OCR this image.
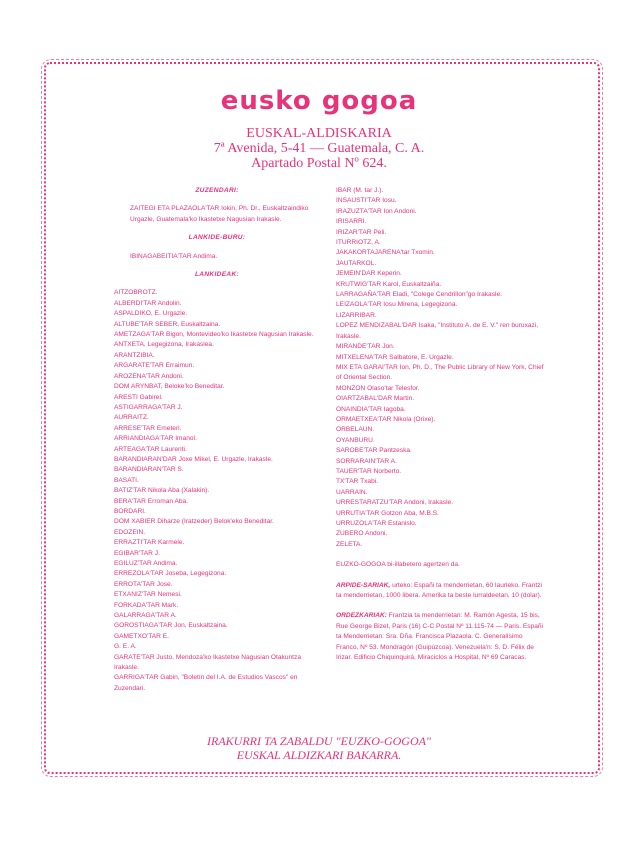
eusko gogoa
EUSKAL-ALDISKARIA
7ª Avenida, 5-41 — Guatemala, C. A.
Apartado Postal Nº 624.
ZUZENDARI:
ZAITEGI ETA PLAZAOLA'TAR Iokin, Ph. Dr., Euskaltzaindiko Urgazle, Guatemala'ko Ikastetxe Nagusian Irakasle.
LANKIDE-BURU:
IBINAGABEITIA'TAR Andima.
LANKIDEAK:
AITZOBROTZ.
ALBERDI'TAR Andolin.
ASPALDIKO, E. Urgazle.
ALTUBE'TAR SEBER, Euskaltzaina.
AMETZAGA'TAR Bigon, Montevideo'ko Ikastetxe Nagusian Irakasle.
ANTXETA, Legegizona, Irakaslea.
ARANTZIBIA.
ARGARATE'TAR Erraimun.
AROZENA'TAR Andoni.
DOM ARYNBAT, Belokeʼko Beneditar.
ARESTI Gabirel.
ASTIGARRAGA'TAR J.
AURRAITZ.
ARRESE'TAR Emeteri.
ARRIANDIAGA'TAR Imanol.
ARTEAGA'TAR Laurenti.
BARANDIARAN'DAR Joxe Mikel, E. Urgazle, Irakasle.
BARANDIARAN'TAR S.
BASATI.
BATIZ'TAR Nikola Aba (Xalakin).
BERA'TAR Erroman Aba.
BORDARI.
DOM XABIER Diharze (Iratzeder) Belok'eko Beneditar.
EDOZEIN.
ERRAZTI'TAR Karmele.
EGIBAR'TAR J.
EGILUZ'TAR Andima.
ERREZOLA'TAR Joseba, Legegizona.
ERROTA'TAR Jose.
ETXANIZ'TAR Nemesi.
FORKADA'TAR Mark.
GALARRAGA'TAR A.
GOROSTIAGA'TAR Jon, Euskaltzaina.
GAMETXO'TAR E.
G. E. A.
GARATE'TAR Justo, Mendoza'ko Ikastetxe Nagusian Otakuntza Irakasle.
GARRIGA'TAR Gabin, "Boletín del I.A. de Estudios Vascos" en Zuzendari.
IBAR (M. tar J.).
INSAUSTI'TAR Iosu.
IRAZUZTA'TAR Ion Andoni.
IRISARRI.
IRIZAR'TAR Peli.
ITURRIOTZ, A.
JAKAKORTAJARENA'tar Txomin.
JAUTARKOL.
JEMEIN'DAR Keperin.
KRUTWIG'TAR Karol, Euskaltzaiña.
LARRAGAÑA'TAR Eladi, "Colege Cendrillon"go Irakasle.
LEIZAOLA'TAR Iosu Mirena, Legegizona.
LIZARRIBAR.
LOPEZ MENDIZABAL'DAR Isaka, "Instituto A. de E. V." ren buruxazi, Irakasle.
MIRANDE'TAR Jon.
MITXELENA'TAR Salbatore, E. Urgazle.
MIX ETA GARAI'TAR Ion, Ph. D., The Public Library of New York, Chief of Oriental Section.
MONZON Olaso'tar Telesfor.
OIARTZABAL'DAR Martin.
ONAINDIA'TAR Iagoba.
ORMAETXEA'TAR Nikola (Orixe).
ORBELAUN.
OYANBURU.
SAROBE'TAR Pantzeska.
SORRARAIN'TAR A.
TAUER'TAR Norberto.
TX'TAR Txabi.
UARRAIN.
URRESTARATZU'TAR Andoni, Irakasle.
URRUTIA'TAR Gotzon Aba, M.B.S.
URRUZOLA'TAR Estanislo.
ZUBERO Andoni.
ZELETA.
EUZKO-GOGOA bi-illabetero agertzen da.
ARPIDE-SARIAK, urteko: Españi ta menderrietan, 60 laurleko. Frantzi ta menderrietan, 1000 libera. Amerika ta beste lurraldeetan, 10 (dolar).
ORDEZKARIAK: Frantzia ta menderrietan: M. Ramón Agesta, 15 bis, Rue George Bizet, Paris (16) C-C Postal Nº 11.115-74 — Paris. Españi ta Menderrietan: Sra. Dña. Francisca Plazaola. C. Generalísimo Franco, Nº 53. Mondragón (Guipúzcoa). Venezuela'n: S. D. Félix de Irizar. Edificio Chiquinquirá, Miraciclos a Hospital, Nº 69 Caracas.
IRAKURRI TA ZABALDU "EUZKO-GOGOA"
EUSKAL ALDIZKARI BAKARRA.
